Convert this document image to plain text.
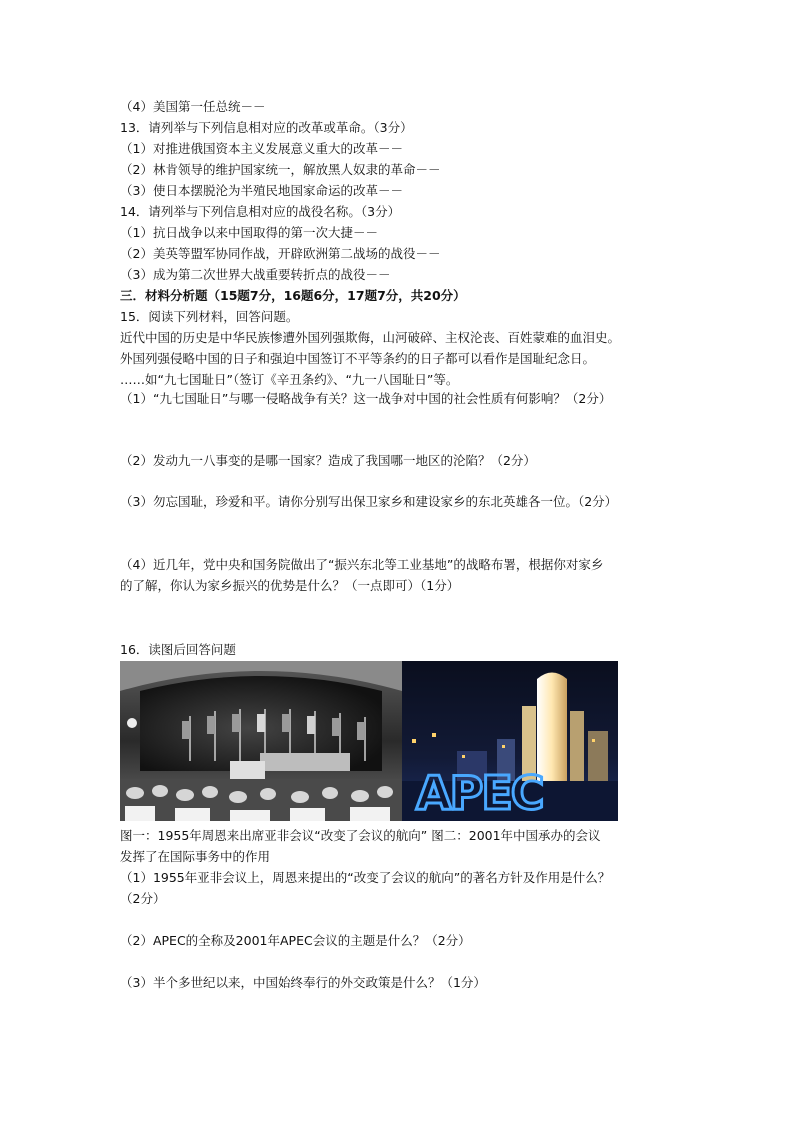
（4）美国第一任总统－－
13．请列举与下列信息相对应的改革或革命。（3分）
（1）对推进俄国资本主义发展意义重大的改革－－
（2）林肯领导的维护国家统一，解放黑人奴隶的革命－－
（3）使日本摆脱沦为半殖民地国家命运的改革－－
14．请列举与下列信息相对应的战役名称。（3分）
（1）抗日战争以来中国取得的第一次大捷－－
（2）美英等盟军协同作战，开辟欧洲第二战场的战役－－
（3）成为第二次世界大战重要转折点的战役－－
三．材料分析题（15题7分，16题6分，17题7分，共20分）
15．阅读下列材料，回答问题。
近代中国的历史是中华民族惨遭外国列强欺侮，山河破碎、主权沦丧、百姓蒙难的血泪史。
外国列强侵略中国的日子和强迫中国签订不平等条约的日子都可以看作是国耻纪念日。
……如“九七国耻日”（签订《辛丑条约》、“九一八国耻日”等。
（1）“九七国耻日”与哪一侵略战争有关？这一战争对中国的社会性质有何影响？（2分）
（2）发动九一八事变的是哪一国家？造成了我国哪一地区的沦陷？（2分）
（3）勿忘国耻，珍爱和平。请你分别写出保卫家乡和建设家乡的东北英雄各一位。（2分）
（4）近几年，党中央和国务院做出了“振兴东北等工业基地”的战略布署，根据你对家乡
的了解，你认为家乡振兴的优势是什么？（一点即可）（1分）
16．读图后回答问题
APEC
图一：1955年周恩来出席亚非会议“改变了会议的航向” 图二：2001年中国承办的会议
发挥了在国际事务中的作用
（1）1955年亚非会议上，周恩来提出的“改变了会议的航向”的著名方针及作用是什么？
（2分）
（2）APEC的全称及2001年APEC会议的主题是什么？（2分）
（3）半个多世纪以来，中国始终奉行的外交政策是什么？（1分）
